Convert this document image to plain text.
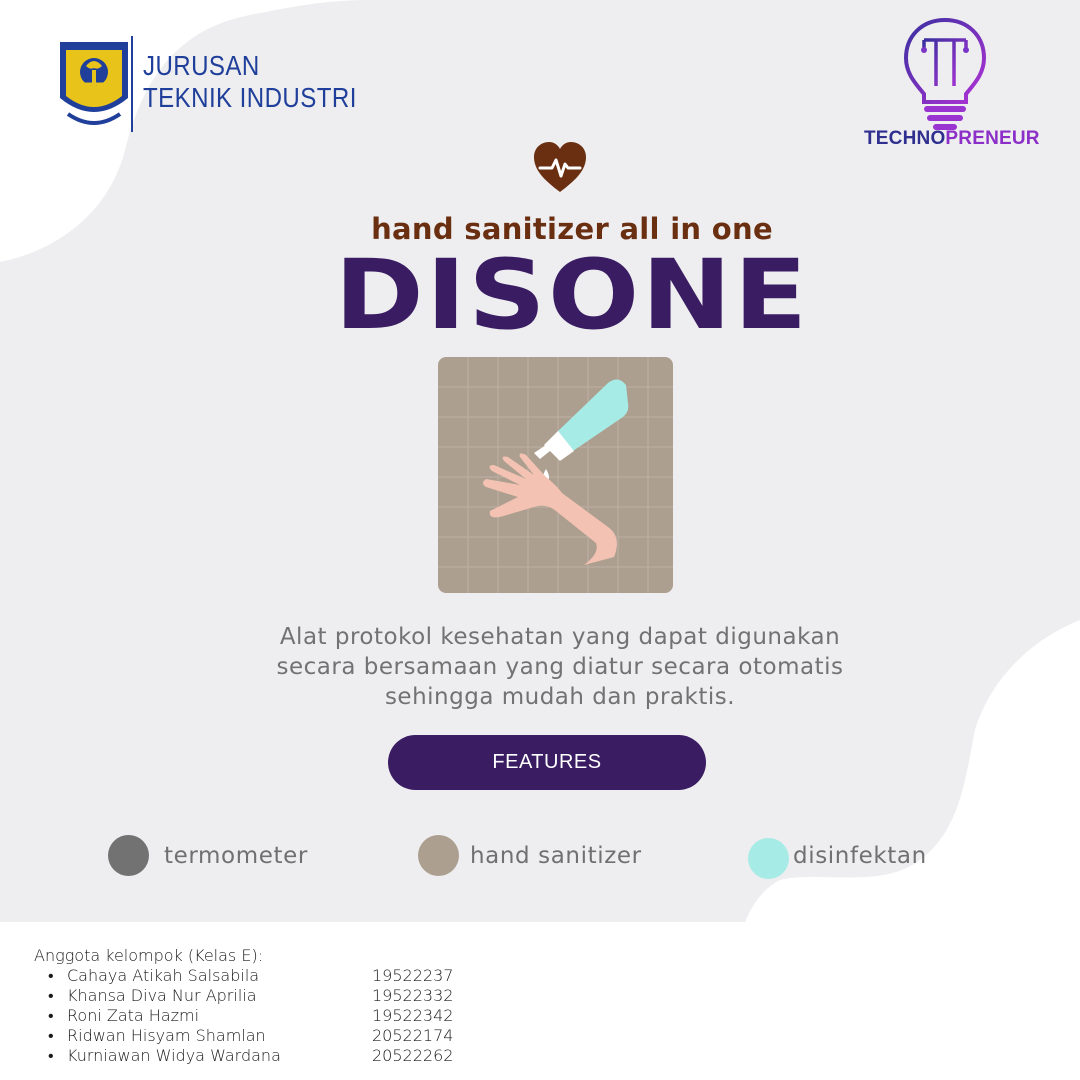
JURUSAN
TEKNIK INDUSTRI
TECHNOPRENEUR
hand sanitizer all in one
DISONE
Alat protokol kesehatan yang dapat digunakan
secara bersamaan yang diatur secara otomatis
sehingga mudah dan praktis.
FEATURES
termometer	hand sanitizer	disinfektan
Anggota kelompok (Kelas E):
• Cahaya Atikah Salsabila	19522237
• Khansa Diva Nur Aprilia	19522332
• Roni Zata Hazmi	19522342
• Ridwan Hisyam Shamlan	20522174
• Kurniawan Widya Wardana	20522262
